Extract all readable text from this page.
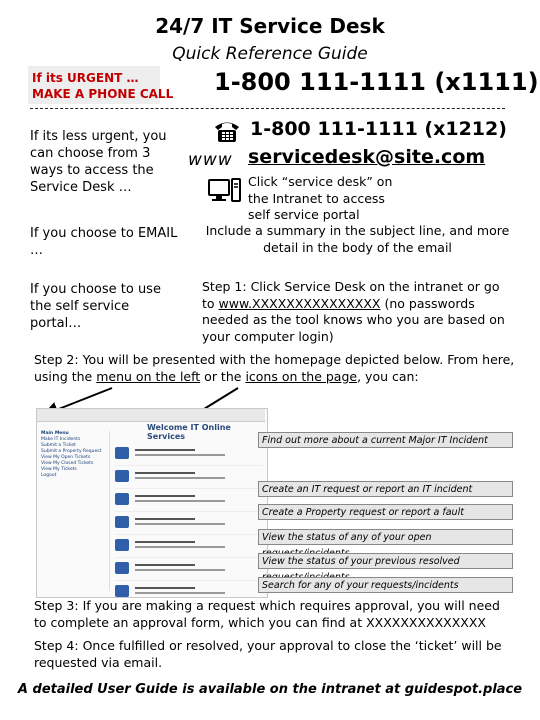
24/7 IT Service Desk
Quick Reference Guide
If its URGENT …
MAKE A PHONE CALL 1-800 111-1111 (x1111)
If its less urgent, you can choose from 3 ways to access the Service Desk …
1-800 111-1111 (x1212)
www servicedesk@site.com
Click “service desk” on the Intranet to access self service portal
If you choose to EMAIL …
Include a summary in the subject line, and more detail in the body of the email
If you choose to use the self service portal…
Step 1: Click Service Desk on the intranet or go to www.XXXXXXXXXXXXXXX (no passwords needed as the tool knows who you are based on your computer login)
Step 2: You will be presented with the homepage depicted below. From here, using the menu on the left or the icons on the page, you can:
Welcome IT Online Services
Main Menu
Make IT Incidents
Submit a Ticket
Submit a Property Request
View My Open Tickets
View My Closed Tickets
View My Tickets
Logout
Find out more about a current Major IT Incident
Create an IT request or report an IT incident
Create a Property request or report a fault
View the status of any of your open
View the status of your previous resolved
Search for any of your requests/incidents
Step 3: If you are making a request which requires approval, you will need to complete an approval form, which you can find at XXXXXXXXXXXXXX
Step 4: Once fulfilled or resolved, your approval to close the ‘ticket’ will be requested via email.
A detailed User Guide is available on the intranet at guidespot.place
